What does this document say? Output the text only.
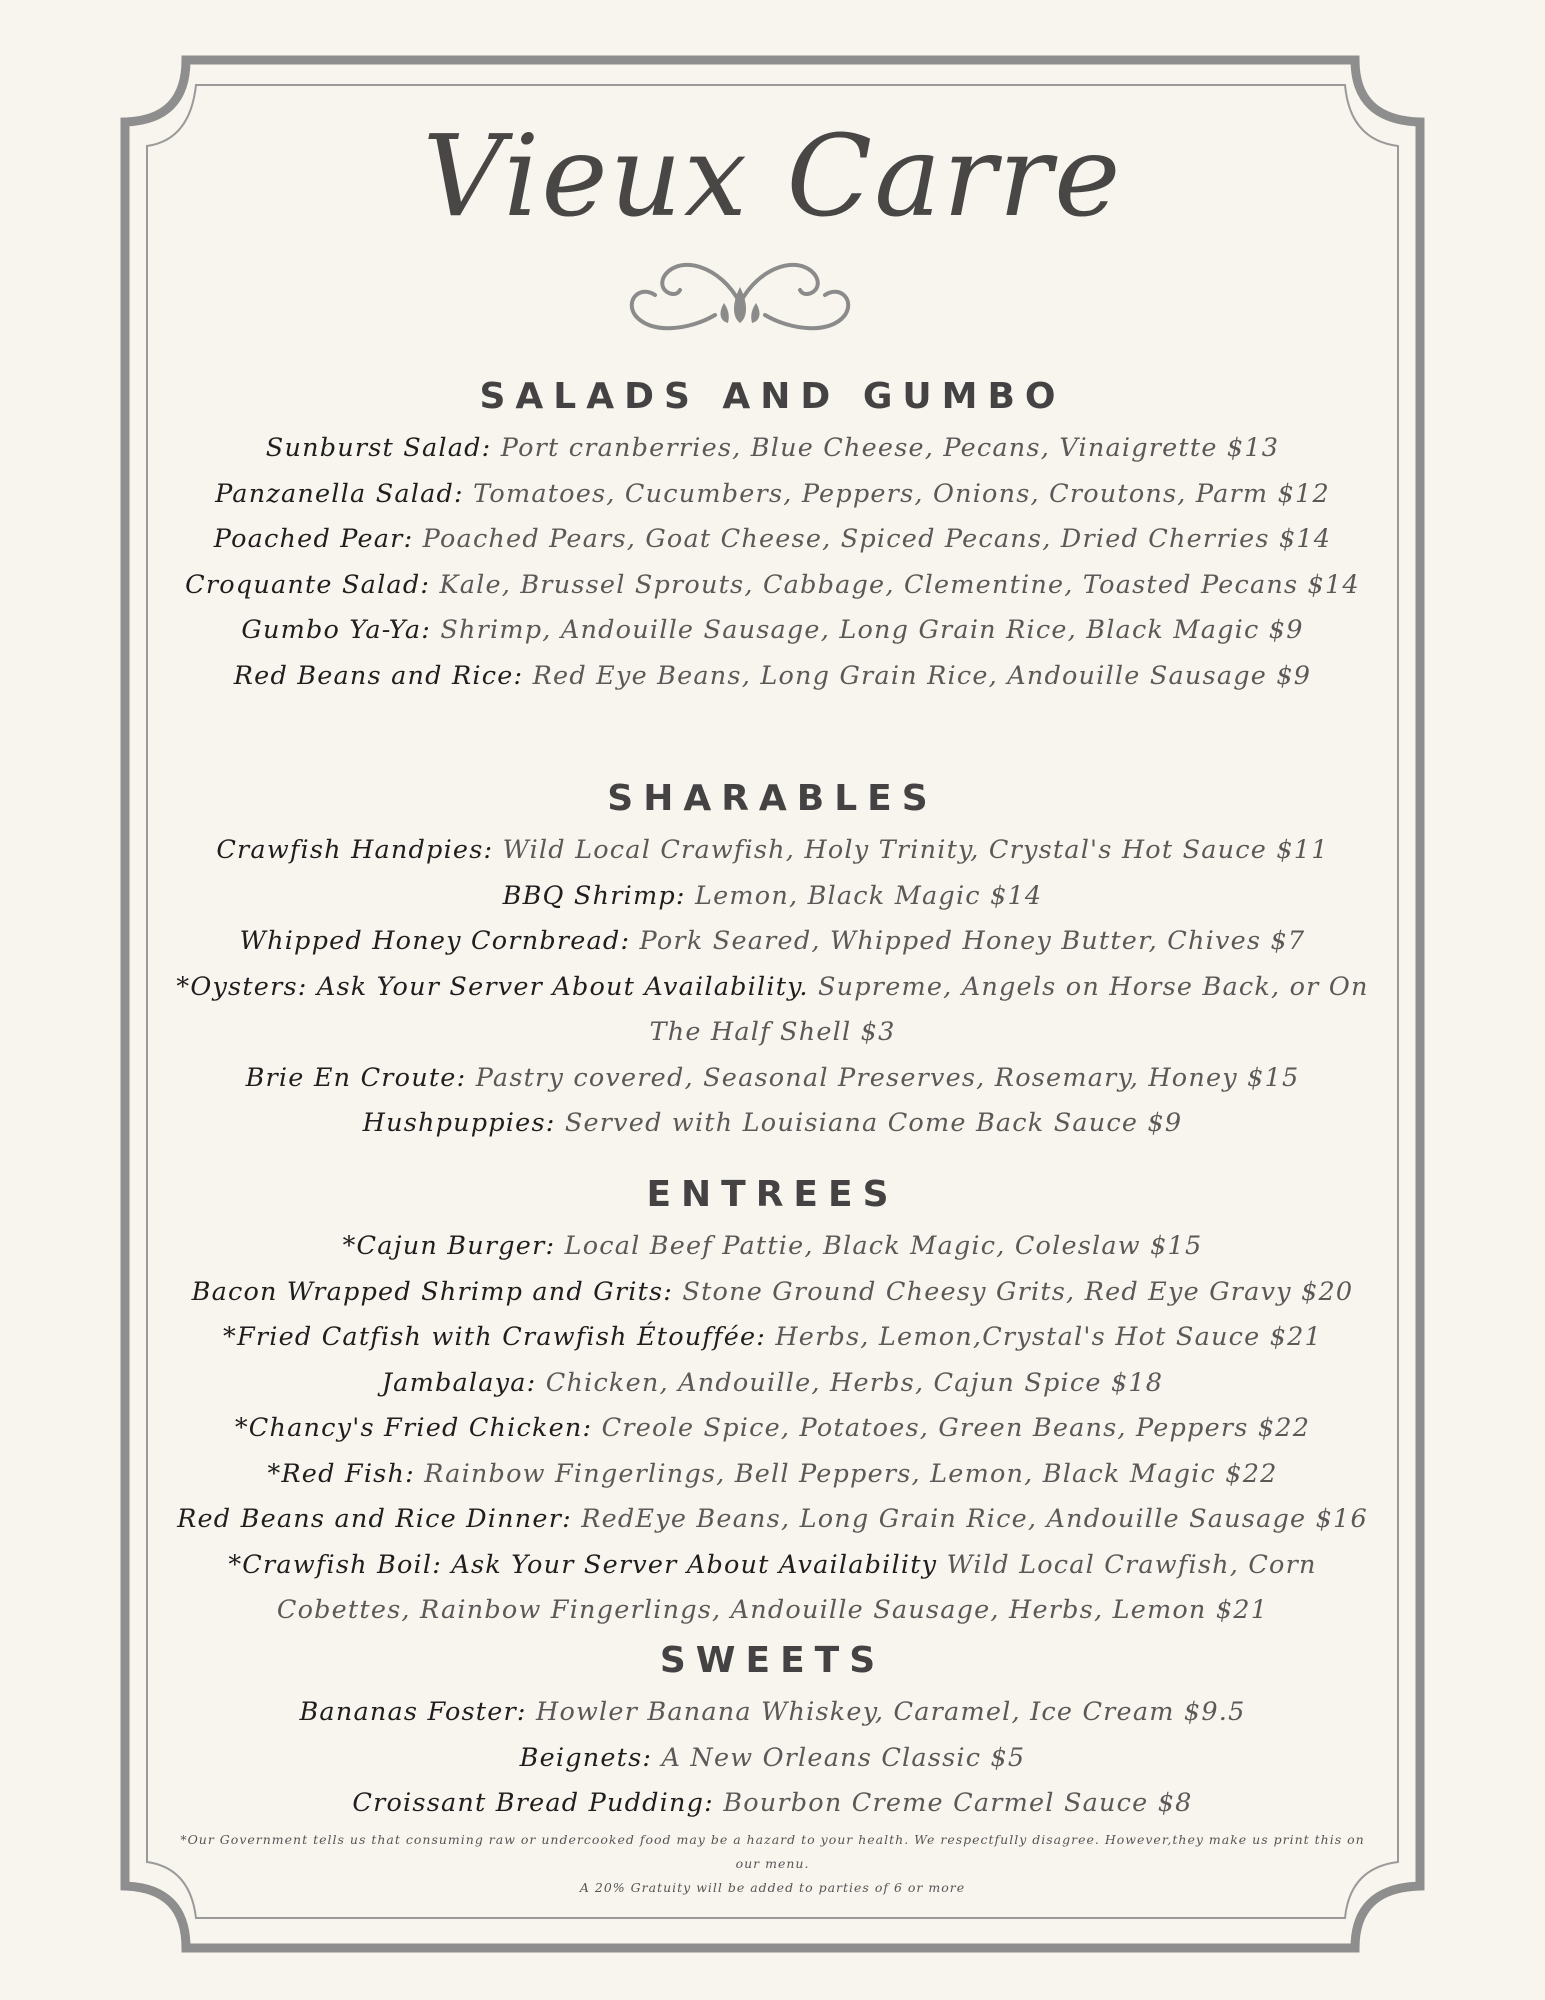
Vieux Carre
SALADS AND GUMBO

Sunburst Salad: Port cranberries, Blue Cheese, Pecans, Vinaigrette $13

Panzanella Salad: Tomatoes, Cucumbers, Peppers, Onions, Croutons, Parm $12

Poached Pear: Poached Pears, Goat Cheese, Spiced Pecans, Dried Cherries $14

Croquante Salad: Kale, Brussel Sprouts, Cabbage, Clementine, Toasted Pecans $14

Gumbo Ya-Ya: Shrimp, Andouille Sausage, Long Grain Rice, Black Magic $9

Red Beans and Rice: Red Eye Beans, Long Grain Rice, Andouille Sausage $9

SHARABLES

Crawfish Handpies: Wild Local Crawfish, Holy Trinity, Crystal's Hot Sauce $11

BBQ Shrimp: Lemon, Black Magic $14

Whipped Honey Cornbread: Pork Seared, Whipped Honey Butter, Chives $7

*Oysters: Ask Your Server About Availability. Supreme, Angels on Horse Back, or On The Half Shell $3

Brie En Croute: Pastry covered, Seasonal Preserves, Rosemary, Honey $15

Hushpuppies: Served with Louisiana Come Back Sauce $9

ENTREES

*Cajun Burger: Local Beef Pattie, Black Magic, Coleslaw $15

Bacon Wrapped Shrimp and Grits: Stone Ground Cheesy Grits, Red Eye Gravy $20

*Fried Catfish with Crawfish Étouffée: Herbs, Lemon,Crystal's Hot Sauce $21

Jambalaya: Chicken, Andouille, Herbs, Cajun Spice $18

*Chancy's Fried Chicken: Creole Spice, Potatoes, Green Beans, Peppers $22

*Red Fish: Rainbow Fingerlings, Bell Peppers, Lemon, Black Magic $22

Red Beans and Rice Dinner: RedEye Beans, Long Grain Rice, Andouille Sausage $16

*Crawfish Boil: Ask Your Server About Availability Wild Local Crawfish, Corn Cobettes, Rainbow Fingerlings, Andouille Sausage, Herbs, Lemon $21

SWEETS

Bananas Foster: Howler Banana Whiskey, Caramel, Ice Cream $9.5

Beignets: A New Orleans Classic $5

Croissant Bread Pudding: Bourbon Creme Carmel Sauce $8

*Our Government tells us that consuming raw or undercooked food may be a hazard to your health. We respectfully disagree. However,they make us print this on our menu.

A 20% Gratuity will be added to parties of 6 or more
